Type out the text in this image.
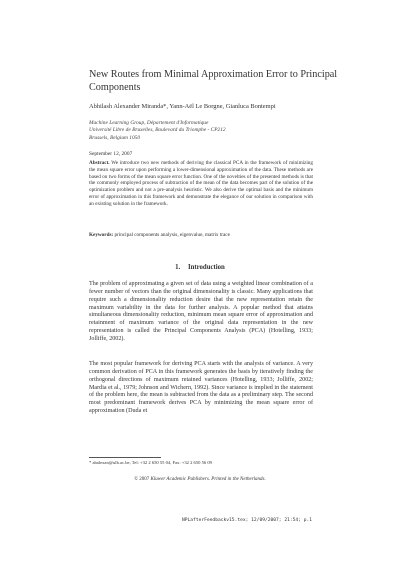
New Routes from Minimal Approximation Error to Principal Components
Abhilash Alexander Miranda*, Yann-Aël Le Borgne, Gianluca Bontempi
Machine Learning Group, Département d'Informatique
Université Libre de Bruxelles, Boulevard du Triomphe - CP212
Brussels, Belgium 1050
September 12, 2007
Abstract. We introduce two new methods of deriving the classical PCA in the framework of minimizing the mean square error upon performing a lower-dimensional approximation of the data. These methods are based on two forms of the mean square error function. One of the novelties of the presented methods is that the commonly employed process of subtraction of the mean of the data becomes part of the solution of the optimization problem and not a pre-analysis heuristic. We also derive the optimal basis and the minimum error of approximation in this framework and demonstrate the elegance of our solution in comparison with an existing solution in the framework.
Keywords: principal components analysis, eigenvalue, matrix trace
1. Introduction
The problem of approximating a given set of data using a weighted linear combination of a fewer number of vectors than the original dimensionality is classic. Many applications that require such a dimensionality reduction desire that the new representation retain the maximum variability in the data for further analysis. A popular method that attains simultaneous dimensionality reduction, minimum mean square error of approximation and retainment of maximum variance of the original data representation in the new representation is called the Principal Components Analysis (PCA) (Hotelling, 1933; Jolliffe, 2002).
The most popular framework for deriving PCA starts with the analysis of variance. A very common derivation of PCA in this framework generates the basis by iteratively finding the orthogonal directions of maximum retained variances (Hotelling, 1933; Jolliffe, 2002; Mardia et al., 1979; Johnson and Wichern, 1992). Since variance is implied in the statement of the problem here, the mean is subtracted from the data as a preliminary step. The second most predominant framework derives PCA by minimizing the mean square error of approximation (Duda et
* abalexan@ulb.ac.be, Tel: +32 2 650 55 04, Fax: +32 2 650 56 09
© 2007 Kluwer Academic Publishers. Printed in the Netherlands.
NPLafterFeedbackv15.tex; 12/09/2007; 21:54; p.1
